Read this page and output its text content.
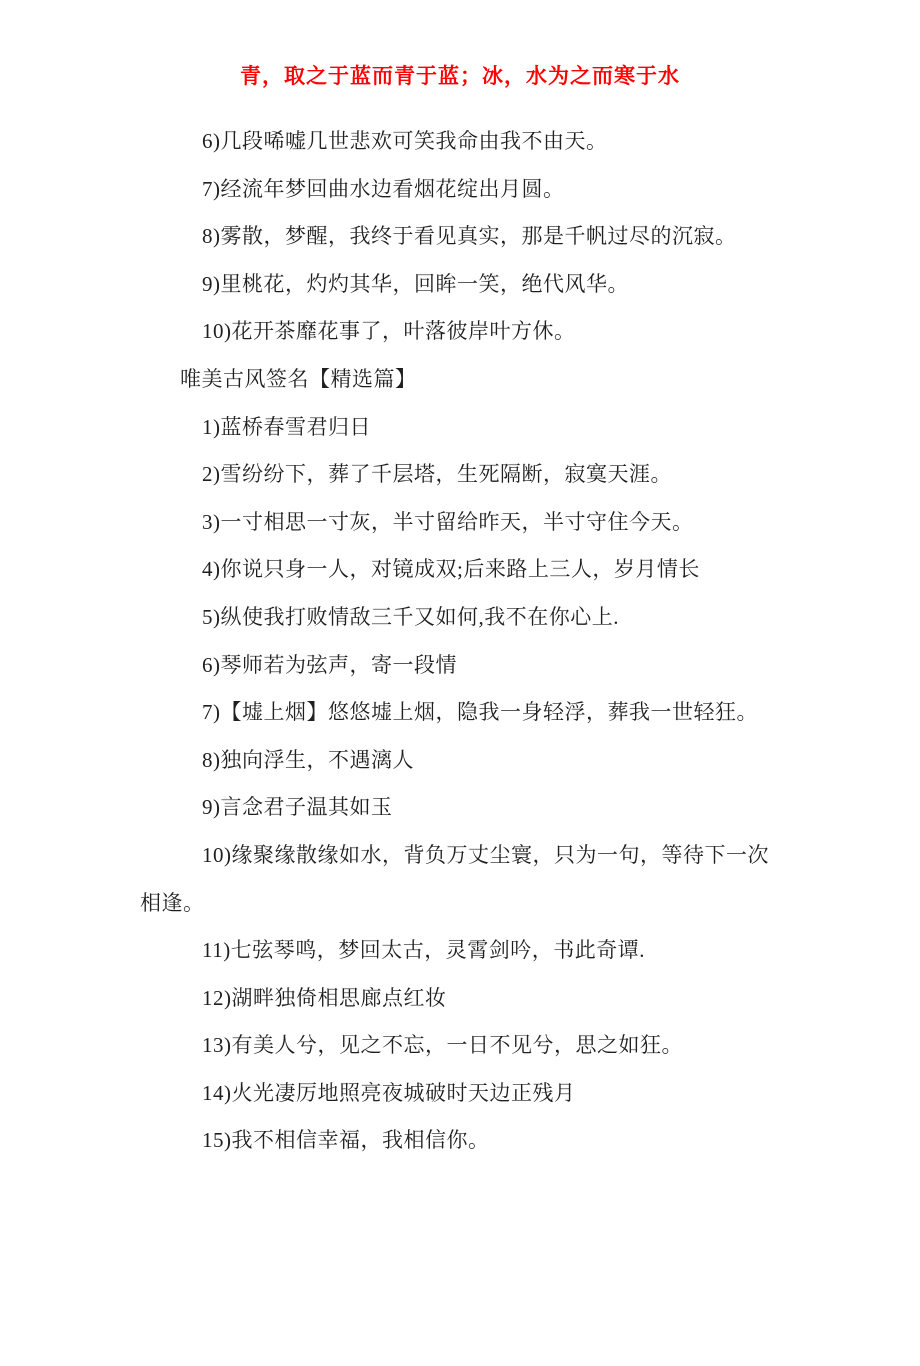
青，取之于蓝而青于蓝；冰，水为之而寒于水

6)几段唏嘘几世悲欢可笑我命由我不由天。

7)经流年梦回曲水边看烟花绽出月圆。

8)雾散，梦醒，我终于看见真实，那是千帆过尽的沉寂。

9)里桃花，灼灼其华，回眸一笑，绝代风华。

10)花开茶靡花事了，叶落彼岸叶方休。

唯美古风签名【精选篇】

1)蓝桥春雪君归日

2)雪纷纷下，葬了千层塔，生死隔断，寂寞天涯。

3)一寸相思一寸灰，半寸留给昨天，半寸守住今天。

4)你说只身一人，对镜成双;后来路上三人，岁月情长

5)纵使我打败情敌三千又如何,我不在你心上.

6)琴师若为弦声，寄一段情

7)【墟上烟】悠悠墟上烟，隐我一身轻浮，葬我一世轻狂。

8)独向浮生，不遇漓人

9)言念君子温其如玉

10)缘聚缘散缘如水，背负万丈尘寰，只为一句，等待下一次相逢。

11)七弦琴鸣，梦回太古，灵霄剑吟，书此奇谭.

12)湖畔独倚相思廊点红妆

13)有美人兮，见之不忘，一日不见兮，思之如狂。

14)火光凄厉地照亮夜城破时天边正残月

15)我不相信幸福，我相信你。
